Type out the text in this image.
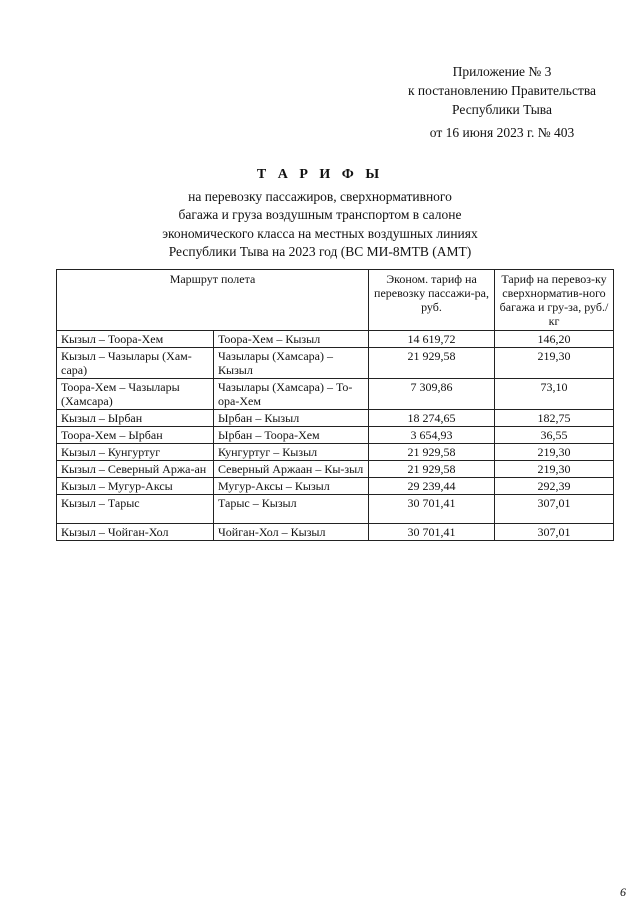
Приложение № 3
к постановлению Правительства
Республики Тыва
от 16 июня 2023 г. № 403
Т А Р И Ф Ы
на перевозку пассажиров, сверхнормативного
багажа и груза воздушным транспортом в салоне
экономического класса на местных воздушных линиях
Республики Тыва на 2023 год (ВС МИ-8МТВ (АМТ)
Маршрут полета		Эконом. тариф на перевозку пассажи-ра, руб.	Тариф на перевоз-ку сверхнорматив-ного багажа и гру-за, руб./кг
Кызыл – Тоора-Хем	Тоора-Хем – Кызыл	14 619,72	146,20
Кызыл – Чазылары (Хам-сара)	Чазылары (Хамсара) – Кызыл	21 929,58	219,30
Тоора-Хем – Чазылары (Хамсара)	Чазылары (Хамсара) – То-ора-Хем	7 309,86	73,10
Кызыл – Ырбан	Ырбан – Кызыл	18 274,65	182,75
Тоора-Хем – Ырбан	Ырбан – Тоора-Хем	3 654,93	36,55
Кызыл – Кунгуртуг	Кунгуртуг – Кызыл	21 929,58	219,30
Кызыл – Северный Аржа-ан	Северный Аржаан – Кы-зыл	21 929,58	219,30
Кызыл – Мугур-Аксы	Мугур-Аксы – Кызыл	29 239,44	292,39
Кызыл – Тарыс	Тарыс – Кызыл	30 701,41	307,01
Кызыл – Чойган-Хол	Чойган-Хол – Кызыл	30 701,41	307,01
6
